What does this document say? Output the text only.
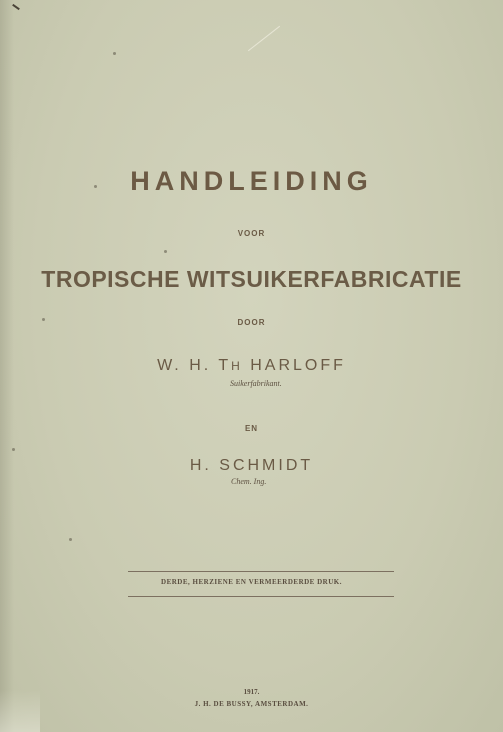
HANDLEIDING
VOOR
TROPISCHE WITSUIKERFABRICATIE
DOOR
W. H. TH HARLOFF
Suikerfabrikant.
EN
H. SCHMIDT
Chem. Ing.
DERDE, HERZIENE EN VERMEERDERDE DRUK.
1917.
J. H. DE BUSSY, AMSTERDAM.
